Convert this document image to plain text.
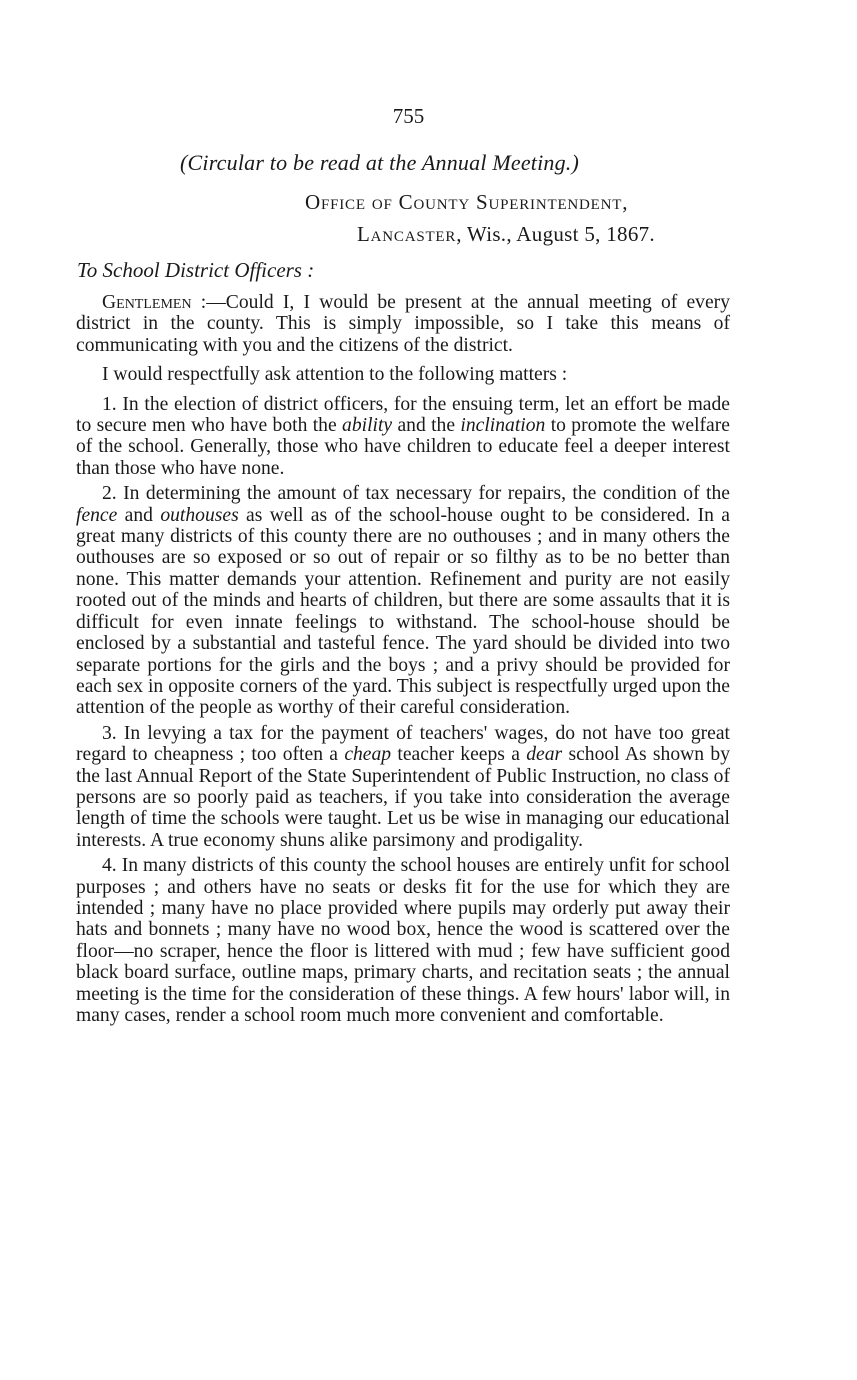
755
(Circular to be read at the Annual Meeting.)
Office of County Superintendent,
Lancaster, Wis., August 5, 1867.
To School District Officers :

Gentlemen :—Could I, I would be present at the annual meeting of every district in the county. This is simply impossible, so I take this means of communicating with you and the citizens of the district.

I would respectfully ask attention to the following matters :

1. In the election of district officers, for the ensuing term, let an effort be made to secure men who have both the ability and the inclination to promote the welfare of the school. Generally, those who have children to educate feel a deeper interest than those who have none.

2. In determining the amount of tax necessary for repairs, the condition of the fence and outhouses as well as of the school-house ought to be considered. In a great many districts of this county there are no outhouses ; and in many others the outhouses are so exposed or so out of repair or so filthy as to be no better than none. This matter demands your attention. Refinement and purity are not easily rooted out of the minds and hearts of children, but there are some assaults that it is difficult for even innate feelings to withstand. The school-house should be enclosed by a substantial and tasteful fence. The yard should be divided into two separate portions for the girls and the boys ; and a privy should be provided for each sex in opposite corners of the yard. This subject is respectfully urged upon the attention of the people as worthy of their careful consideration.

3. In levying a tax for the payment of teachers' wages, do not have too great regard to cheapness ; too often a cheap teacher keeps a dear school As shown by the last Annual Report of the State Superintendent of Public Instruction, no class of persons are so poorly paid as teachers, if you take into consideration the average length of time the schools were taught. Let us be wise in managing our educational interests. A true economy shuns alike parsimony and prodigality.

4. In many districts of this county the school houses are entirely unfit for school purposes ; and others have no seats or desks fit for the use for which they are intended ; many have no place provided where pupils may orderly put away their hats and bonnets ; many have no wood box, hence the wood is scattered over the floor—no scraper, hence the floor is littered with mud ; few have sufficient good black board surface, outline maps, primary charts, and recitation seats ; the annual meeting is the time for the consideration of these things. A few hours' labor will, in many cases, render a school room much more convenient and comfortable.
